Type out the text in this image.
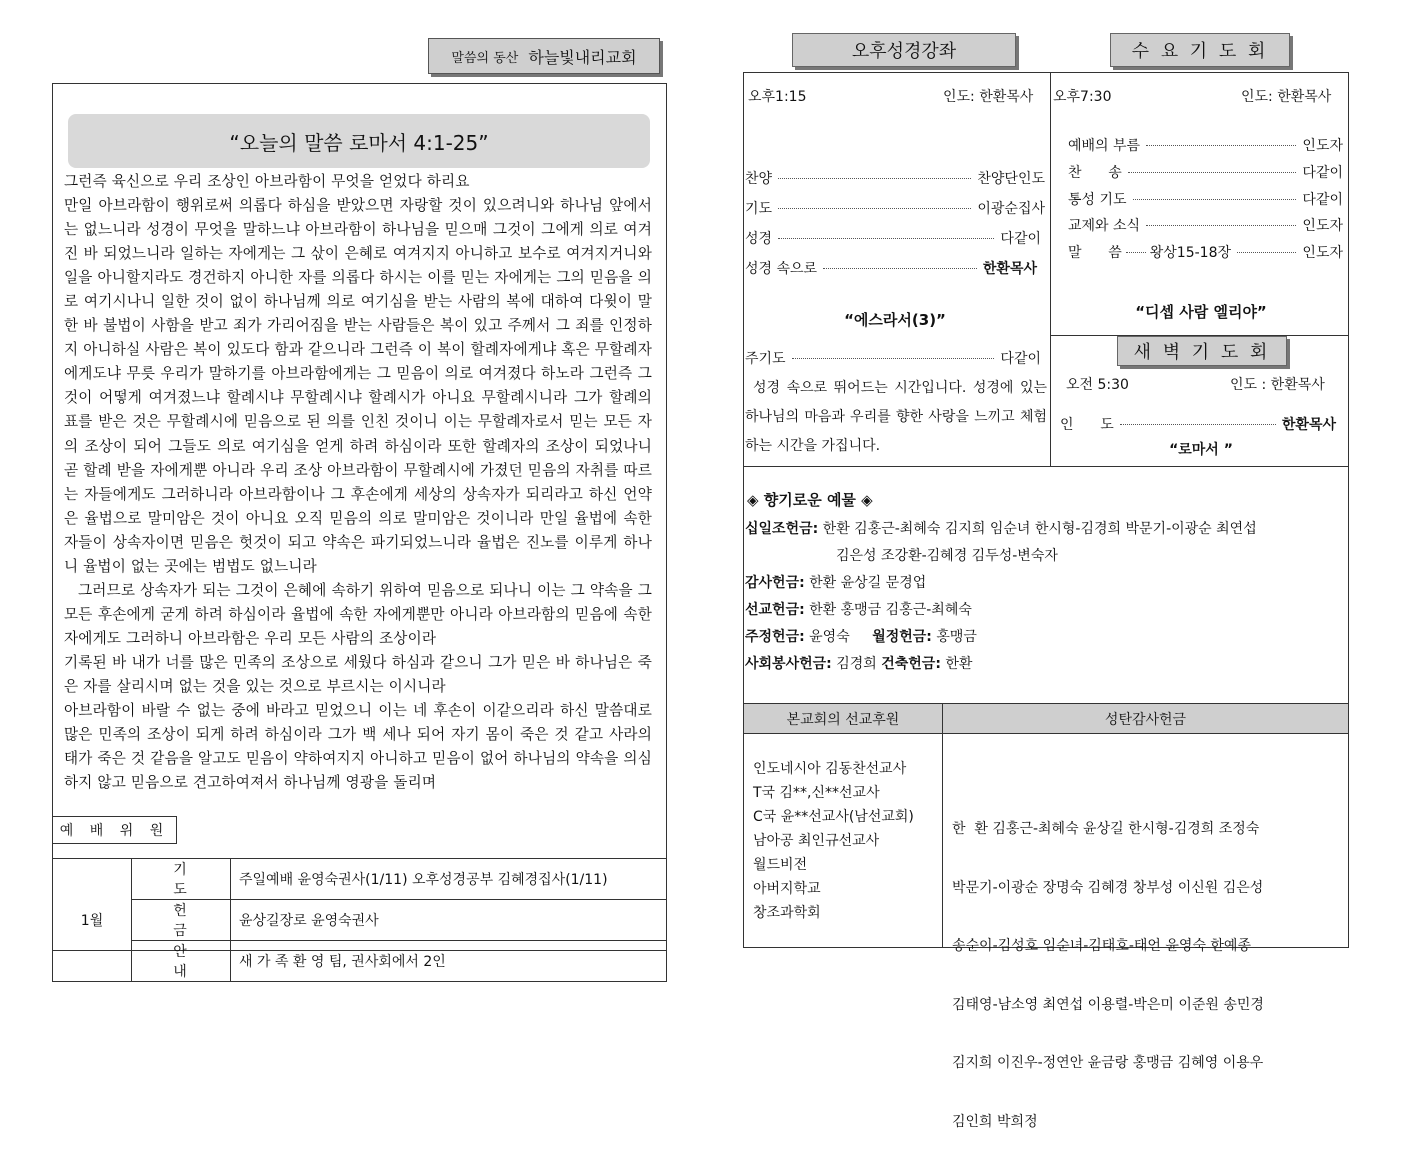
말씀의 동산 하늘빛내리교회
“오늘의 말씀 로마서 4:1-25”

그런즉 육신으로 우리 조상인 아브라함이 무엇을 얻었다 하리요

만일 아브라함이 행위로써 의롭다 하심을 받았으면 자랑할 것이 있으려니와 하나님 앞에서는 없느니라 성경이 무엇을 말하느냐 아브라함이 하나님을 믿으매 그것이 그에게 의로 여겨진 바 되었느니라 일하는 자에게는 그 삯이 은혜로 여겨지지 아니하고 보수로 여겨지거니와 일을 아니할지라도 경건하지 아니한 자를 의롭다 하시는 이를 믿는 자에게는 그의 믿음을 의로 여기시나니 일한 것이 없이 하나님께 의로 여기심을 받는 사람의 복에 대하여 다윗이 말한 바 불법이 사함을 받고 죄가 가리어짐을 받는 사람들은 복이 있고 주께서 그 죄를 인정하지 아니하실 사람은 복이 있도다 함과 같으니라 그런즉 이 복이 할례자에게냐 혹은 무할례자에게도냐 무릇 우리가 말하기를 아브라함에게는 그 믿음이 의로 여겨졌다 하노라 그런즉 그것이 어떻게 여겨졌느냐 할례시냐 무할례시냐 할례시가 아니요 무할례시니라 그가 할례의 표를 받은 것은 무할례시에 믿음으로 된 의를 인친 것이니 이는 무할례자로서 믿는 모든 자의 조상이 되어 그들도 의로 여기심을 얻게 하려 하심이라 또한 할례자의 조상이 되었나니 곧 할례 받을 자에게뿐 아니라 우리 조상 아브라함이 무할례시에 가졌던 믿음의 자취를 따르는 자들에게도 그러하니라 아브라함이나 그 후손에게 세상의 상속자가 되리라고 하신 언약은 율법으로 말미암은 것이 아니요 오직 믿음의 의로 말미암은 것이니라 만일 율법에 속한 자들이 상속자이면 믿음은 헛것이 되고 약속은 파기되었느니라 율법은 진노를 이루게 하나니 율법이 없는 곳에는 범법도 없느니라

그러므로 상속자가 되는 그것이 은혜에 속하기 위하여 믿음으로 되나니 이는 그 약속을 그 모든 후손에게 굳게 하려 하심이라 율법에 속한 자에게뿐만 아니라 아브라함의 믿음에 속한 자에게도 그러하니 아브라함은 우리 모든 사람의 조상이라

기록된 바 내가 너를 많은 민족의 조상으로 세웠다 하심과 같으니 그가 믿은 바 하나님은 죽은 자를 살리시며 없는 것을 있는 것으로 부르시는 이시니라

아브라함이 바랄 수 없는 중에 바라고 믿었으니 이는 네 후손이 이같으리라 하신 말씀대로 많은 민족의 조상이 되게 하려 하심이라 그가 백 세나 되어 자기 몸이 죽은 것 같고 사라의 태가 죽은 것 같음을 알고도 믿음이 약하여지지 아니하고 믿음이 없어 하나님의 약속을 의심하지 않고 믿음으로 견고하여져서 하나님께 영광을 돌리며

예 배 위 원
1월	기 도	주일예배 윤영숙권사(1/11) 오후성경공부 김혜경집사(1/11)
	헌 금	윤상길장로 윤영숙권사
	안 내	새 가 족 환 영 팀, 권사회에서 2인
오후성경강좌	수 요 기 도 회
오후1:15	인도: 한환목사
찬양	찬양단인도
기도	이광순집사
성경	다같이
성경 속으로	한환목사
“에스라서(3)”
주기도	다같이
성경 속으로 뛰어드는 시간입니다. 성경에 있는 하나님의 마음과 우리를 향한 사랑을 느끼고 체험하는 시간을 가집니다.
오후7:30	인도: 한환목사
예배의 부름	인도자
찬      송	다같이
통성 기도	다같이
교제와 소식	인도자
말      씀 왕상15-18장	인도자
“디셉 사람 엘리야”
새 벽 기 도 회
오전 5:30	인도 : 한환목사
인      도	한환목사
“로마서 ”
◈ 향기로운 예물 ◈
십일조헌금: 한환 김홍근-최혜숙 김지희 임순녀 한시형-김경희 박문기-이광순 최연섭
김은성 조강환-김혜경 김두성-변숙자
감사헌금: 한환 윤상길 문경업
선교헌금: 한환 홍맹금 김홍근-최혜숙
주정헌금: 윤영숙 월정헌금: 홍맹금
사회봉사헌금: 김경희 건축헌금: 한환
본교회의 선교후원	성탄감사헌금
인도네시아 김동찬선교사
T국 김**,신**선교사
C국 윤**선교사(남선교회)
남아공 최인규선교사
월드비전
아버지학교
창조과학회

한  환 김홍근-최혜숙 윤상길 한시형-김경희 조정숙

박문기-이광순 장명숙 김혜경 창부성 이신원 김은성

송순이-김성호 임순녀-김태호-태언 윤영숙 한예종

김태영-남소영 최연섭 이용렬-박은미 이준원 송민경

김지희 이진우-정연안 윤금랑 홍맹금 김혜영 이용우

김인희 박희정
